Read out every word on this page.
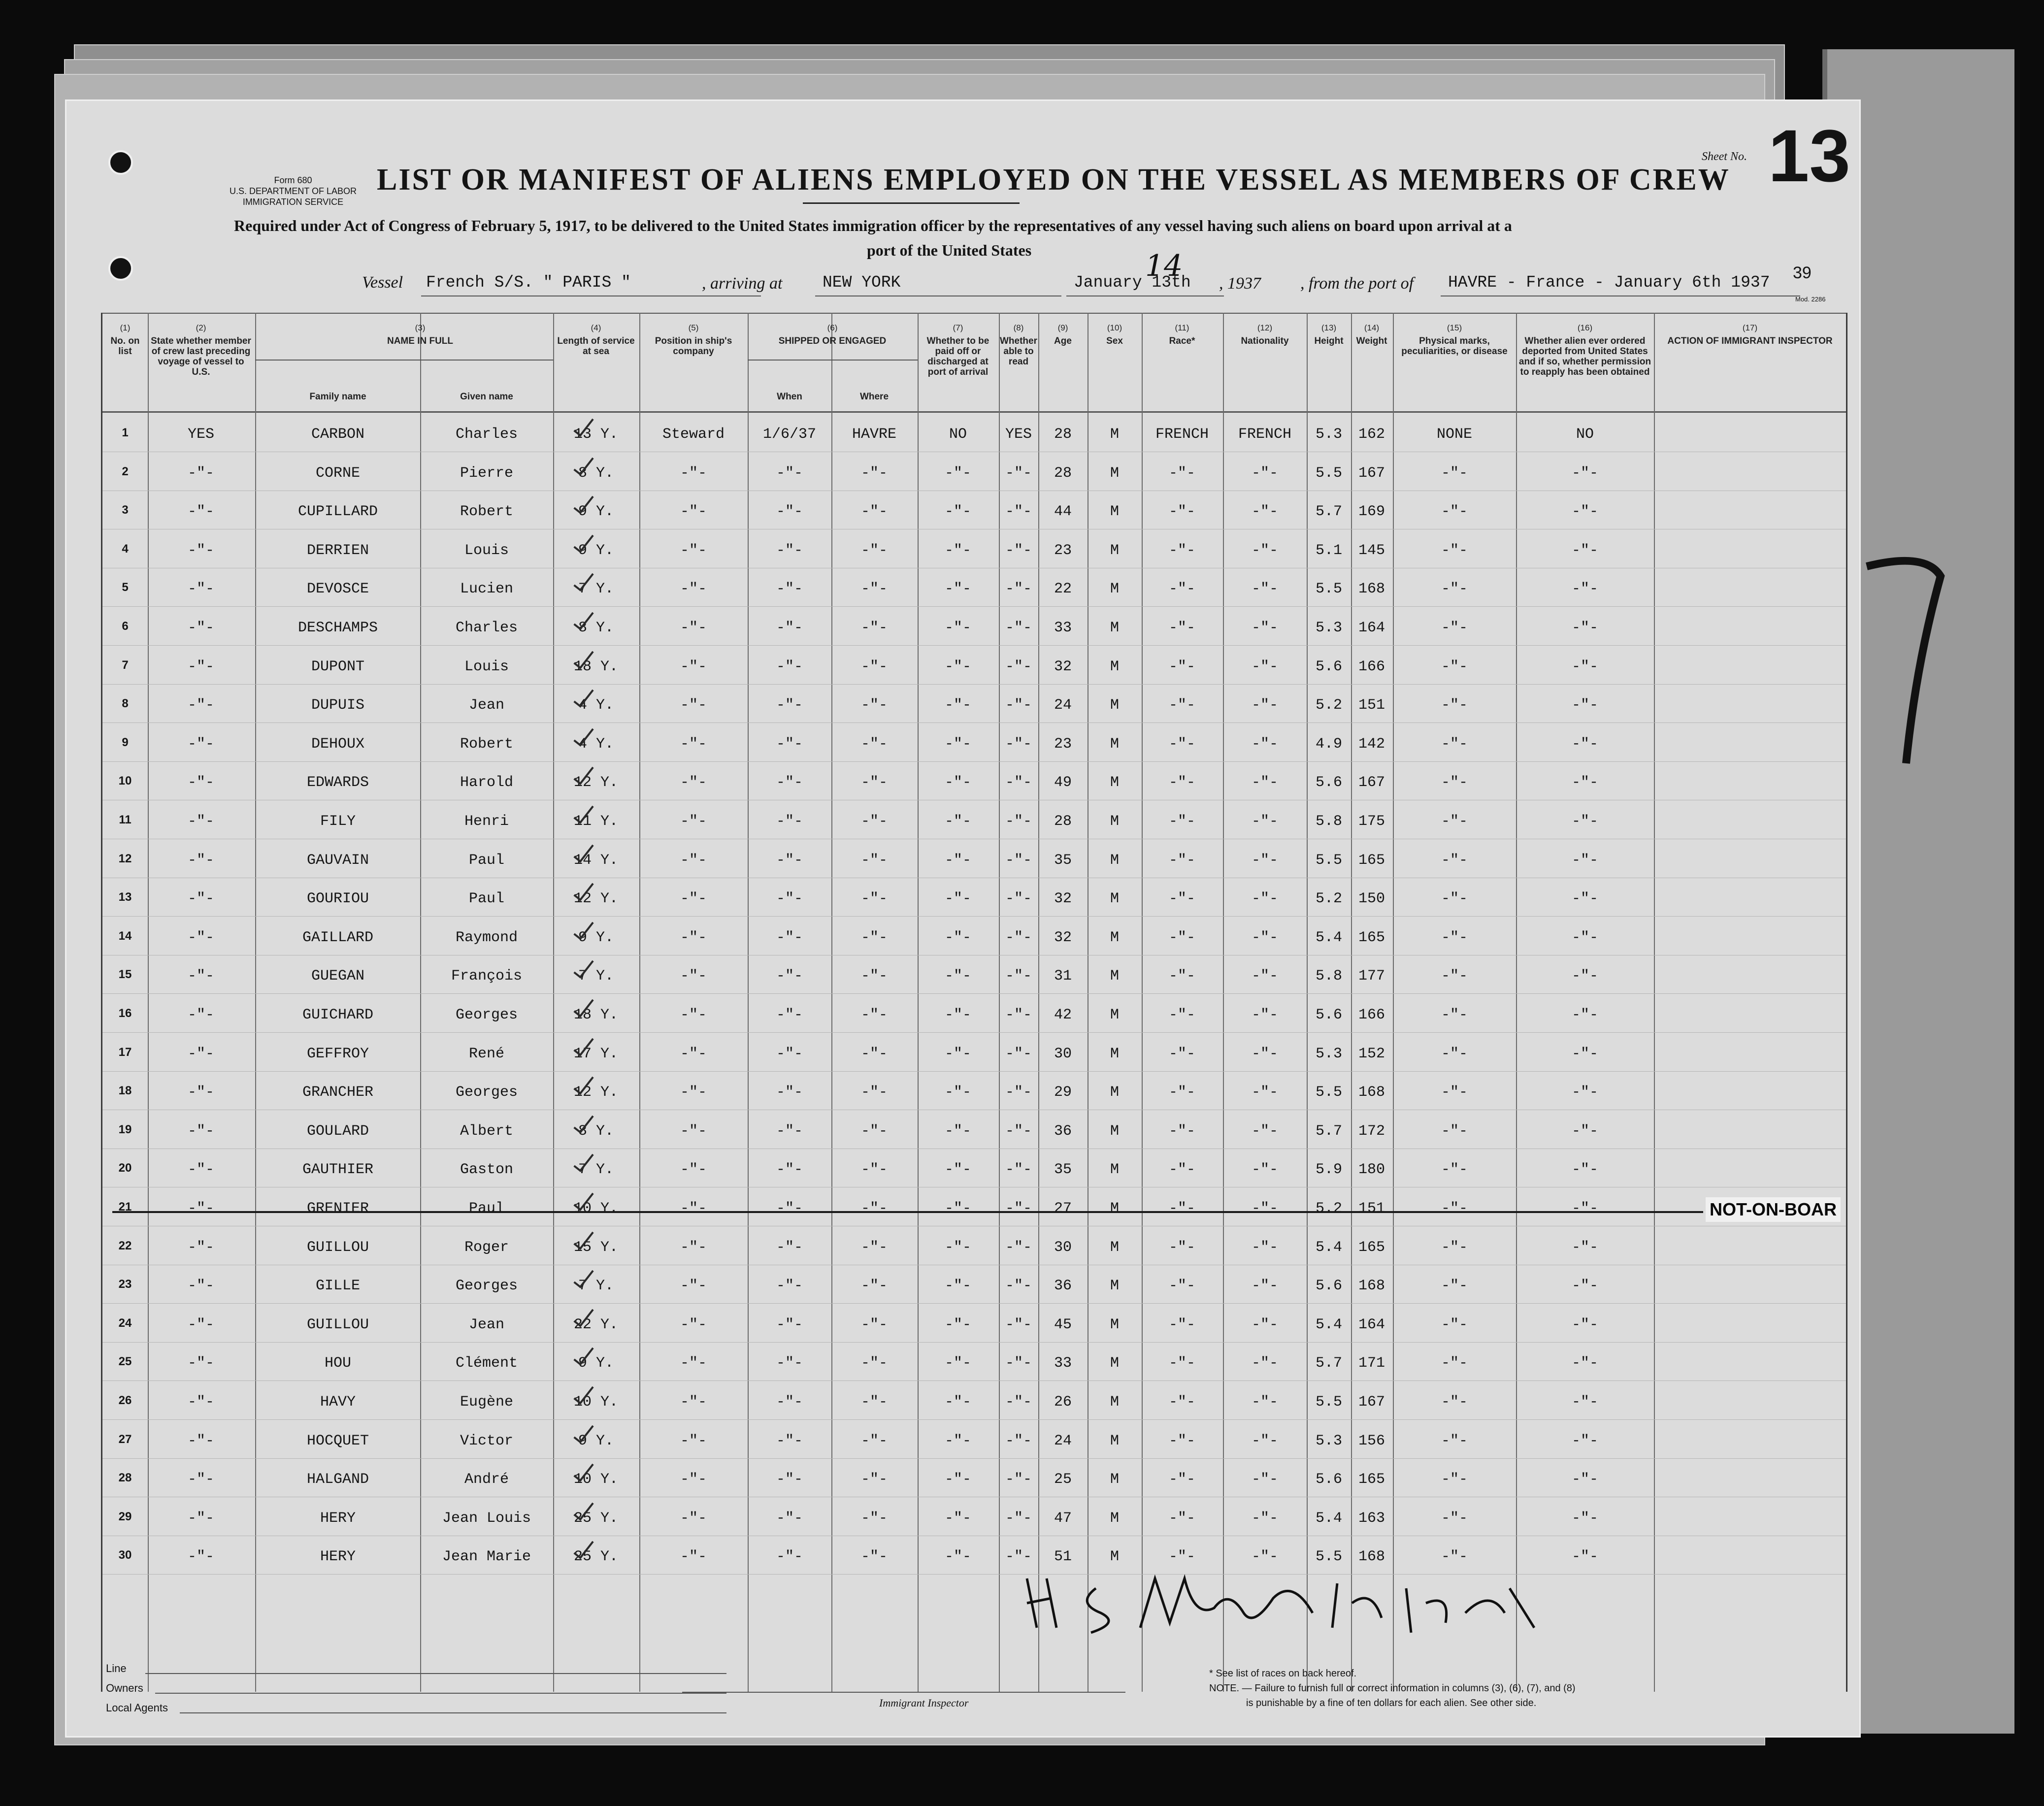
Form 680
U.S. DEPARTMENT OF LABOR
IMMIGRATION SERVICE
Sheet No. 13
LIST OR MANIFEST OF ALIENS EMPLOYED ON THE VESSEL AS MEMBERS OF CREW
Required under Act of Congress of February 5, 1917, to be delivered to the United States immigration officer by the representatives of any vessel having such aliens on board upon arrival at a
port of the United States
Vessel French S/S. " PARIS "	, arriving at NEW YORK	January 13th
14
, 1937 , from the port of HAVRE - France - January 6th 1937
39
Mod. 2286
(1)
No. on list
(2)
State whether member of crew last preceding voyage of vessel to U.S.
(3)
NAME IN FULL
(4)
Length of service at sea
(5)
Position in ship's company
(6)
SHIPPED OR ENGAGED
(7)
Whether to be paid off or discharged at port of arrival
(8)
Whether able to read
(9)
Age
(10)
Sex
(11)
Race*
(12)
Nationality
(13)
Height
(14)
Weight
(15)
Physical marks, peculiarities, or disease
(16)
Whether alien ever ordered deported from United States and if so, whether permission to reapply has been obtained
(17)
ACTION OF IMMIGRANT INSPECTOR
Family name	Given name	When	Where
1	YES	CARBON	Charles	13 Y.	Steward	1/6/37	HAVRE	NO	YES	28	M	FRENCH	FRENCH	5.3	162	NONE	NO
2	-"-	CORNE	Pierre	8 Y.	-"-	-"-	-"-	-"-	-"-	28	M	-"-	-"-	5.5	167	-"-	-"-
3	-"-	CUPILLARD	Robert	9 Y.	-"-	-"-	-"-	-"-	-"-	44	M	-"-	-"-	5.7	169	-"-	-"-
4	-"-	DERRIEN	Louis	9 Y.	-"-	-"-	-"-	-"-	-"-	23	M	-"-	-"-	5.1	145	-"-	-"-
5	-"-	DEVOSCE	Lucien	7 Y.	-"-	-"-	-"-	-"-	-"-	22	M	-"-	-"-	5.5	168	-"-	-"-
6	-"-	DESCHAMPS	Charles	8 Y.	-"-	-"-	-"-	-"-	-"-	33	M	-"-	-"-	5.3	164	-"-	-"-
7	-"-	DUPONT	Louis	18 Y.	-"-	-"-	-"-	-"-	-"-	32	M	-"-	-"-	5.6	166	-"-	-"-
8	-"-	DUPUIS	Jean	4 Y.	-"-	-"-	-"-	-"-	-"-	24	M	-"-	-"-	5.2	151	-"-	-"-
9	-"-	DEHOUX	Robert	4 Y.	-"-	-"-	-"-	-"-	-"-	23	M	-"-	-"-	4.9	142	-"-	-"-
10	-"-	EDWARDS	Harold	12 Y.	-"-	-"-	-"-	-"-	-"-	49	M	-"-	-"-	5.6	167	-"-	-"-
11	-"-	FILY	Henri	11 Y.	-"-	-"-	-"-	-"-	-"-	28	M	-"-	-"-	5.8	175	-"-	-"-
12	-"-	GAUVAIN	Paul	14 Y.	-"-	-"-	-"-	-"-	-"-	35	M	-"-	-"-	5.5	165	-"-	-"-
13	-"-	GOURIOU	Paul	12 Y.	-"-	-"-	-"-	-"-	-"-	32	M	-"-	-"-	5.2	150	-"-	-"-
14	-"-	GAILLARD	Raymond	9 Y.	-"-	-"-	-"-	-"-	-"-	32	M	-"-	-"-	5.4	165	-"-	-"-
15	-"-	GUEGAN	François	7 Y.	-"-	-"-	-"-	-"-	-"-	31	M	-"-	-"-	5.8	177	-"-	-"-
16	-"-	GUICHARD	Georges	18 Y.	-"-	-"-	-"-	-"-	-"-	42	M	-"-	-"-	5.6	166	-"-	-"-
17	-"-	GEFFROY	René	17 Y.	-"-	-"-	-"-	-"-	-"-	30	M	-"-	-"-	5.3	152	-"-	-"-
18	-"-	GRANCHER	Georges	12 Y.	-"-	-"-	-"-	-"-	-"-	29	M	-"-	-"-	5.5	168	-"-	-"-
19	-"-	GOULARD	Albert	8 Y.	-"-	-"-	-"-	-"-	-"-	36	M	-"-	-"-	5.7	172	-"-	-"-
20	-"-	GAUTHIER	Gaston	7 Y.	-"-	-"-	-"-	-"-	-"-	35	M	-"-	-"-	5.9	180	-"-	-"-
21	-"-	GRENIER	Paul	10 Y.	-"-	-"-	-"-	-"-	-"-	27	M	-"-	-"-	5.2	151	-"-	-"-	NOT-ON-BOAR
22	-"-	GUILLOU	Roger	15 Y.	-"-	-"-	-"-	-"-	-"-	30	M	-"-	-"-	5.4	165	-"-	-"-
23	-"-	GILLE	Georges	7 Y.	-"-	-"-	-"-	-"-	-"-	36	M	-"-	-"-	5.6	168	-"-	-"-
24	-"-	GUILLOU	Jean	22 Y.	-"-	-"-	-"-	-"-	-"-	45	M	-"-	-"-	5.4	164	-"-	-"-
25	-"-	HOU	Clément	9 Y.	-"-	-"-	-"-	-"-	-"-	33	M	-"-	-"-	5.7	171	-"-	-"-
26	-"-	HAVY	Eugène	10 Y.	-"-	-"-	-"-	-"-	-"-	26	M	-"-	-"-	5.5	167	-"-	-"-
27	-"-	HOCQUET	Victor	9 Y.	-"-	-"-	-"-	-"-	-"-	24	M	-"-	-"-	5.3	156	-"-	-"-
28	-"-	HALGAND	André	10 Y.	-"-	-"-	-"-	-"-	-"-	25	M	-"-	-"-	5.6	165	-"-	-"-
29	-"-	HERY	Jean Louis	25 Y.	-"-	-"-	-"-	-"-	-"-	47	M	-"-	-"-	5.4	163	-"-	-"-
30	-"-	HERY	Jean Marie	25 Y.	-"-	-"-	-"-	-"-	-"-	51	M	-"-	-"-	5.5	168	-"-	-"-
Line
Owners
Local Agents	Immigrant Inspector
* See list of races on back hereof.
NOTE. — Failure to furnish full or correct information in columns (3), (6), (7), and (8)
is punishable by a fine of ten dollars for each alien. See other side.
